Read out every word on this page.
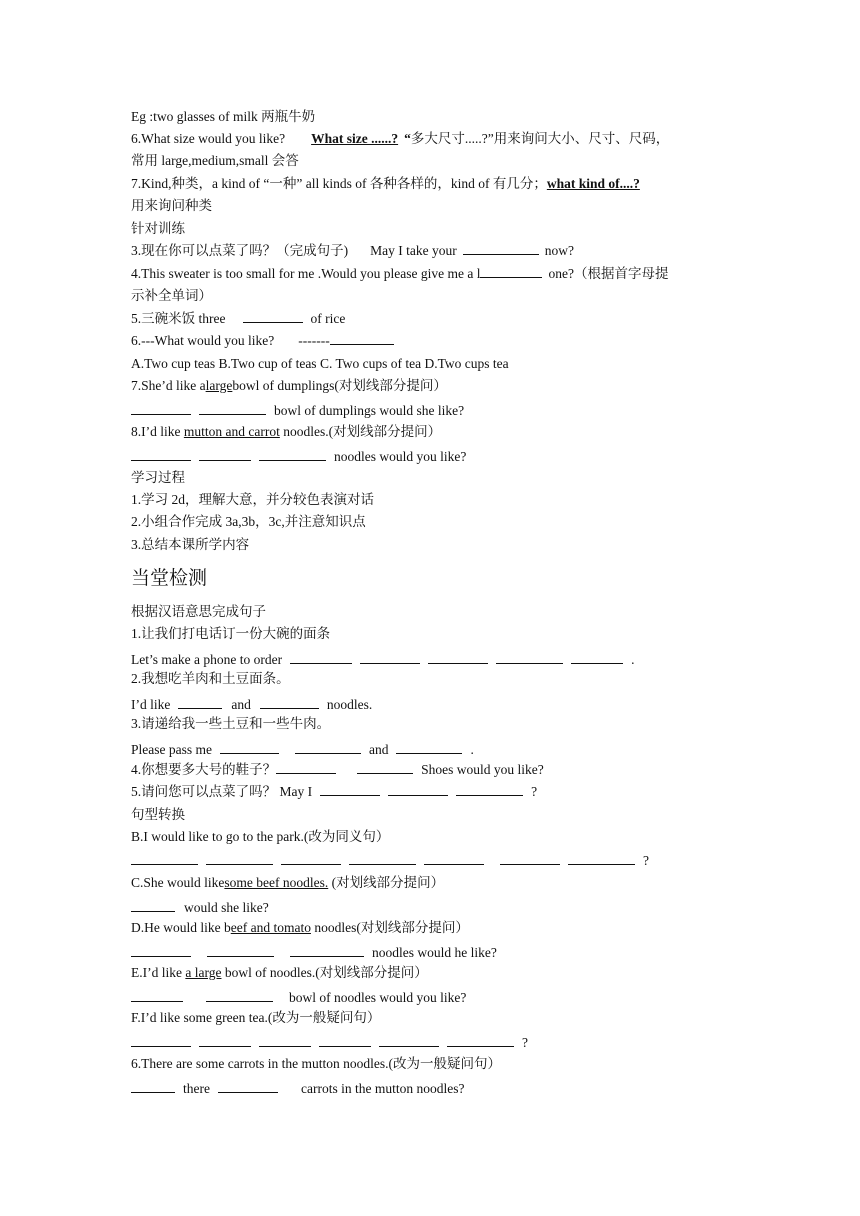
Eg :two glasses of milk 两瓶牛奶
6.What size would you like? What size ......? “多大尺寸.....?”用来询问大小、尺寸、尺码，
常用 large,medium,small 会答
7.Kind,种类，a kind of “一种” all kinds of 各种各样的，kind of 有几分；what kind of....?
用来询问种类
针对训练
3.现在你可以点菜了吗？（完成句子) May I take your	now?
4.This sweater is too small for me .Would you please give me a l	one?（根据首字母提
示补全单词）
5.三碗米饭 three	of rice
6.---What would you like? -------
A.Two cup teas B.Two cup of teas C. Two cups of tea D.Two cups tea
7.She’d like alargebowl of dumplings(对划线部分提问）
bowl of dumplings would she like?
8.I’d like mutton and carrot noodles.(对划线部分提问）
noodles would you like?
学习过程
1.学习 2d，理解大意，并分较色表演对话
2.小组合作完成 3a,3b，3c,并注意知识点
3.总结本课所学内容
当堂检测
根据汉语意思完成句子
1.让我们打电话订一份大碗的面条
Let’s make a phone to order	.
2.我想吃羊肉和土豆面条。
I’d like	and	noodles.
3.请递给我一些土豆和一些牛肉。
Please pass me	and	.
4.你想要多大号的鞋子？	Shoes would you like?
5.请问您可以点菜了吗？ May I	?
句型转换
B.I would like to go to the park.(改为同义句）
?
C.She would likesome beef noodles. (对划线部分提问）
would she like?
D.He would like beef and tomato noodles(对划线部分提问）
noodles would he like?
E.I’d like a large bowl of noodles.(对划线部分提问）
bowl of noodles would you like?
F.I’d like some green tea.(改为一般疑问句）
?
6.There are some carrots in the mutton noodles.(改为一般疑问句）
there	carrots in the mutton noodles?
